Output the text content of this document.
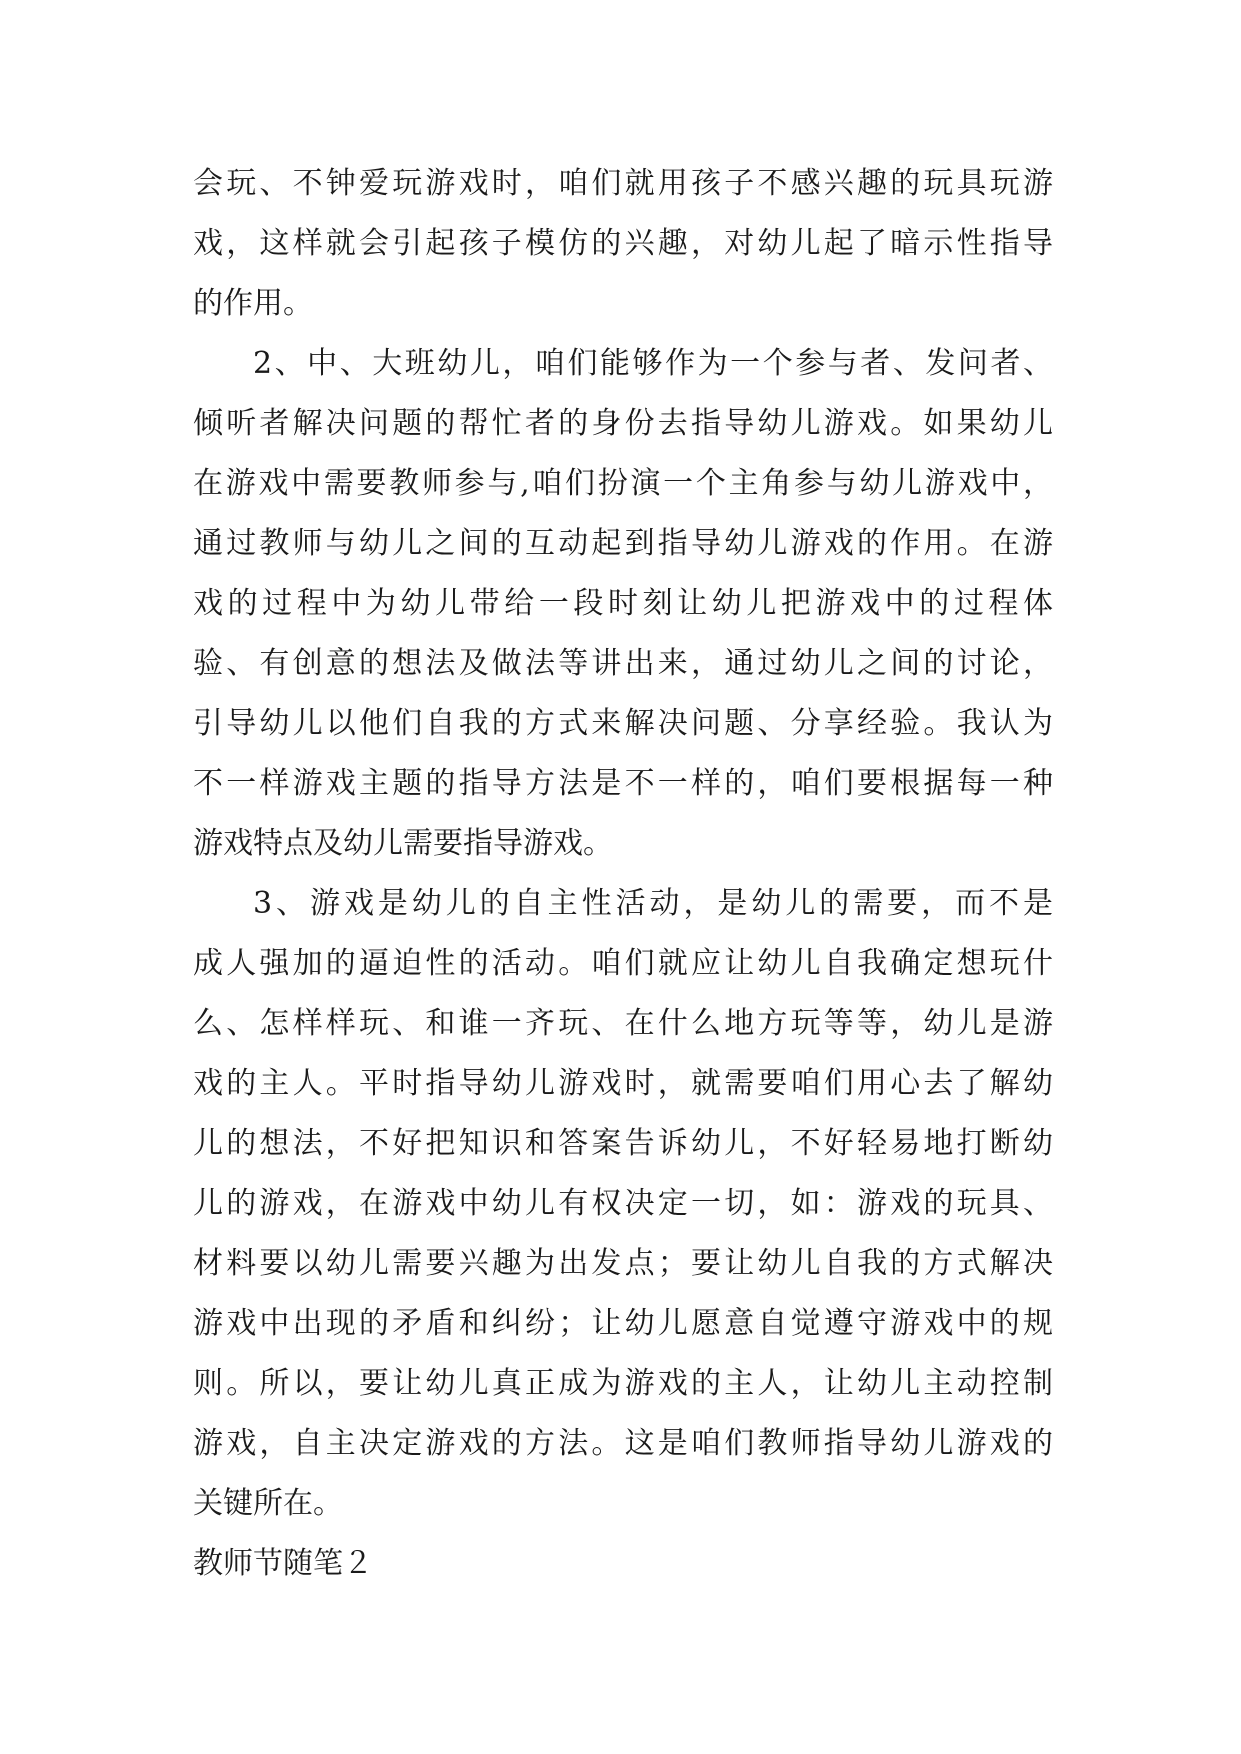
会玩、不钟爱玩游戏时，咱们就用孩子不感兴趣的玩具玩游
戏，这样就会引起孩子模仿的兴趣，对幼儿起了暗示性指导
的作用。
2、中、大班幼儿，咱们能够作为一个参与者、发问者、
倾听者解决问题的帮忙者的身份去指导幼儿游戏。如果幼儿
在游戏中需要教师参与,咱们扮演一个主角参与幼儿游戏中，
通过教师与幼儿之间的互动起到指导幼儿游戏的作用。在游
戏的过程中为幼儿带给一段时刻让幼儿把游戏中的过程体
验、有创意的想法及做法等讲出来，通过幼儿之间的讨论，
引导幼儿以他们自我的方式来解决问题、分享经验。我认为
不一样游戏主题的指导方法是不一样的，咱们要根据每一种
游戏特点及幼儿需要指导游戏。
3、游戏是幼儿的自主性活动，是幼儿的需要，而不是
成人强加的逼迫性的活动。咱们就应让幼儿自我确定想玩什
么、怎样样玩、和谁一齐玩、在什么地方玩等等，幼儿是游
戏的主人。平时指导幼儿游戏时，就需要咱们用心去了解幼
儿的想法，不好把知识和答案告诉幼儿，不好轻易地打断幼
儿的游戏，在游戏中幼儿有权决定一切，如：游戏的玩具、
材料要以幼儿需要兴趣为出发点；要让幼儿自我的方式解决
游戏中出现的矛盾和纠纷；让幼儿愿意自觉遵守游戏中的规
则。所以，要让幼儿真正成为游戏的主人，让幼儿主动控制
游戏，自主决定游戏的方法。这是咱们教师指导幼儿游戏的
关键所在。
教师节随笔２
